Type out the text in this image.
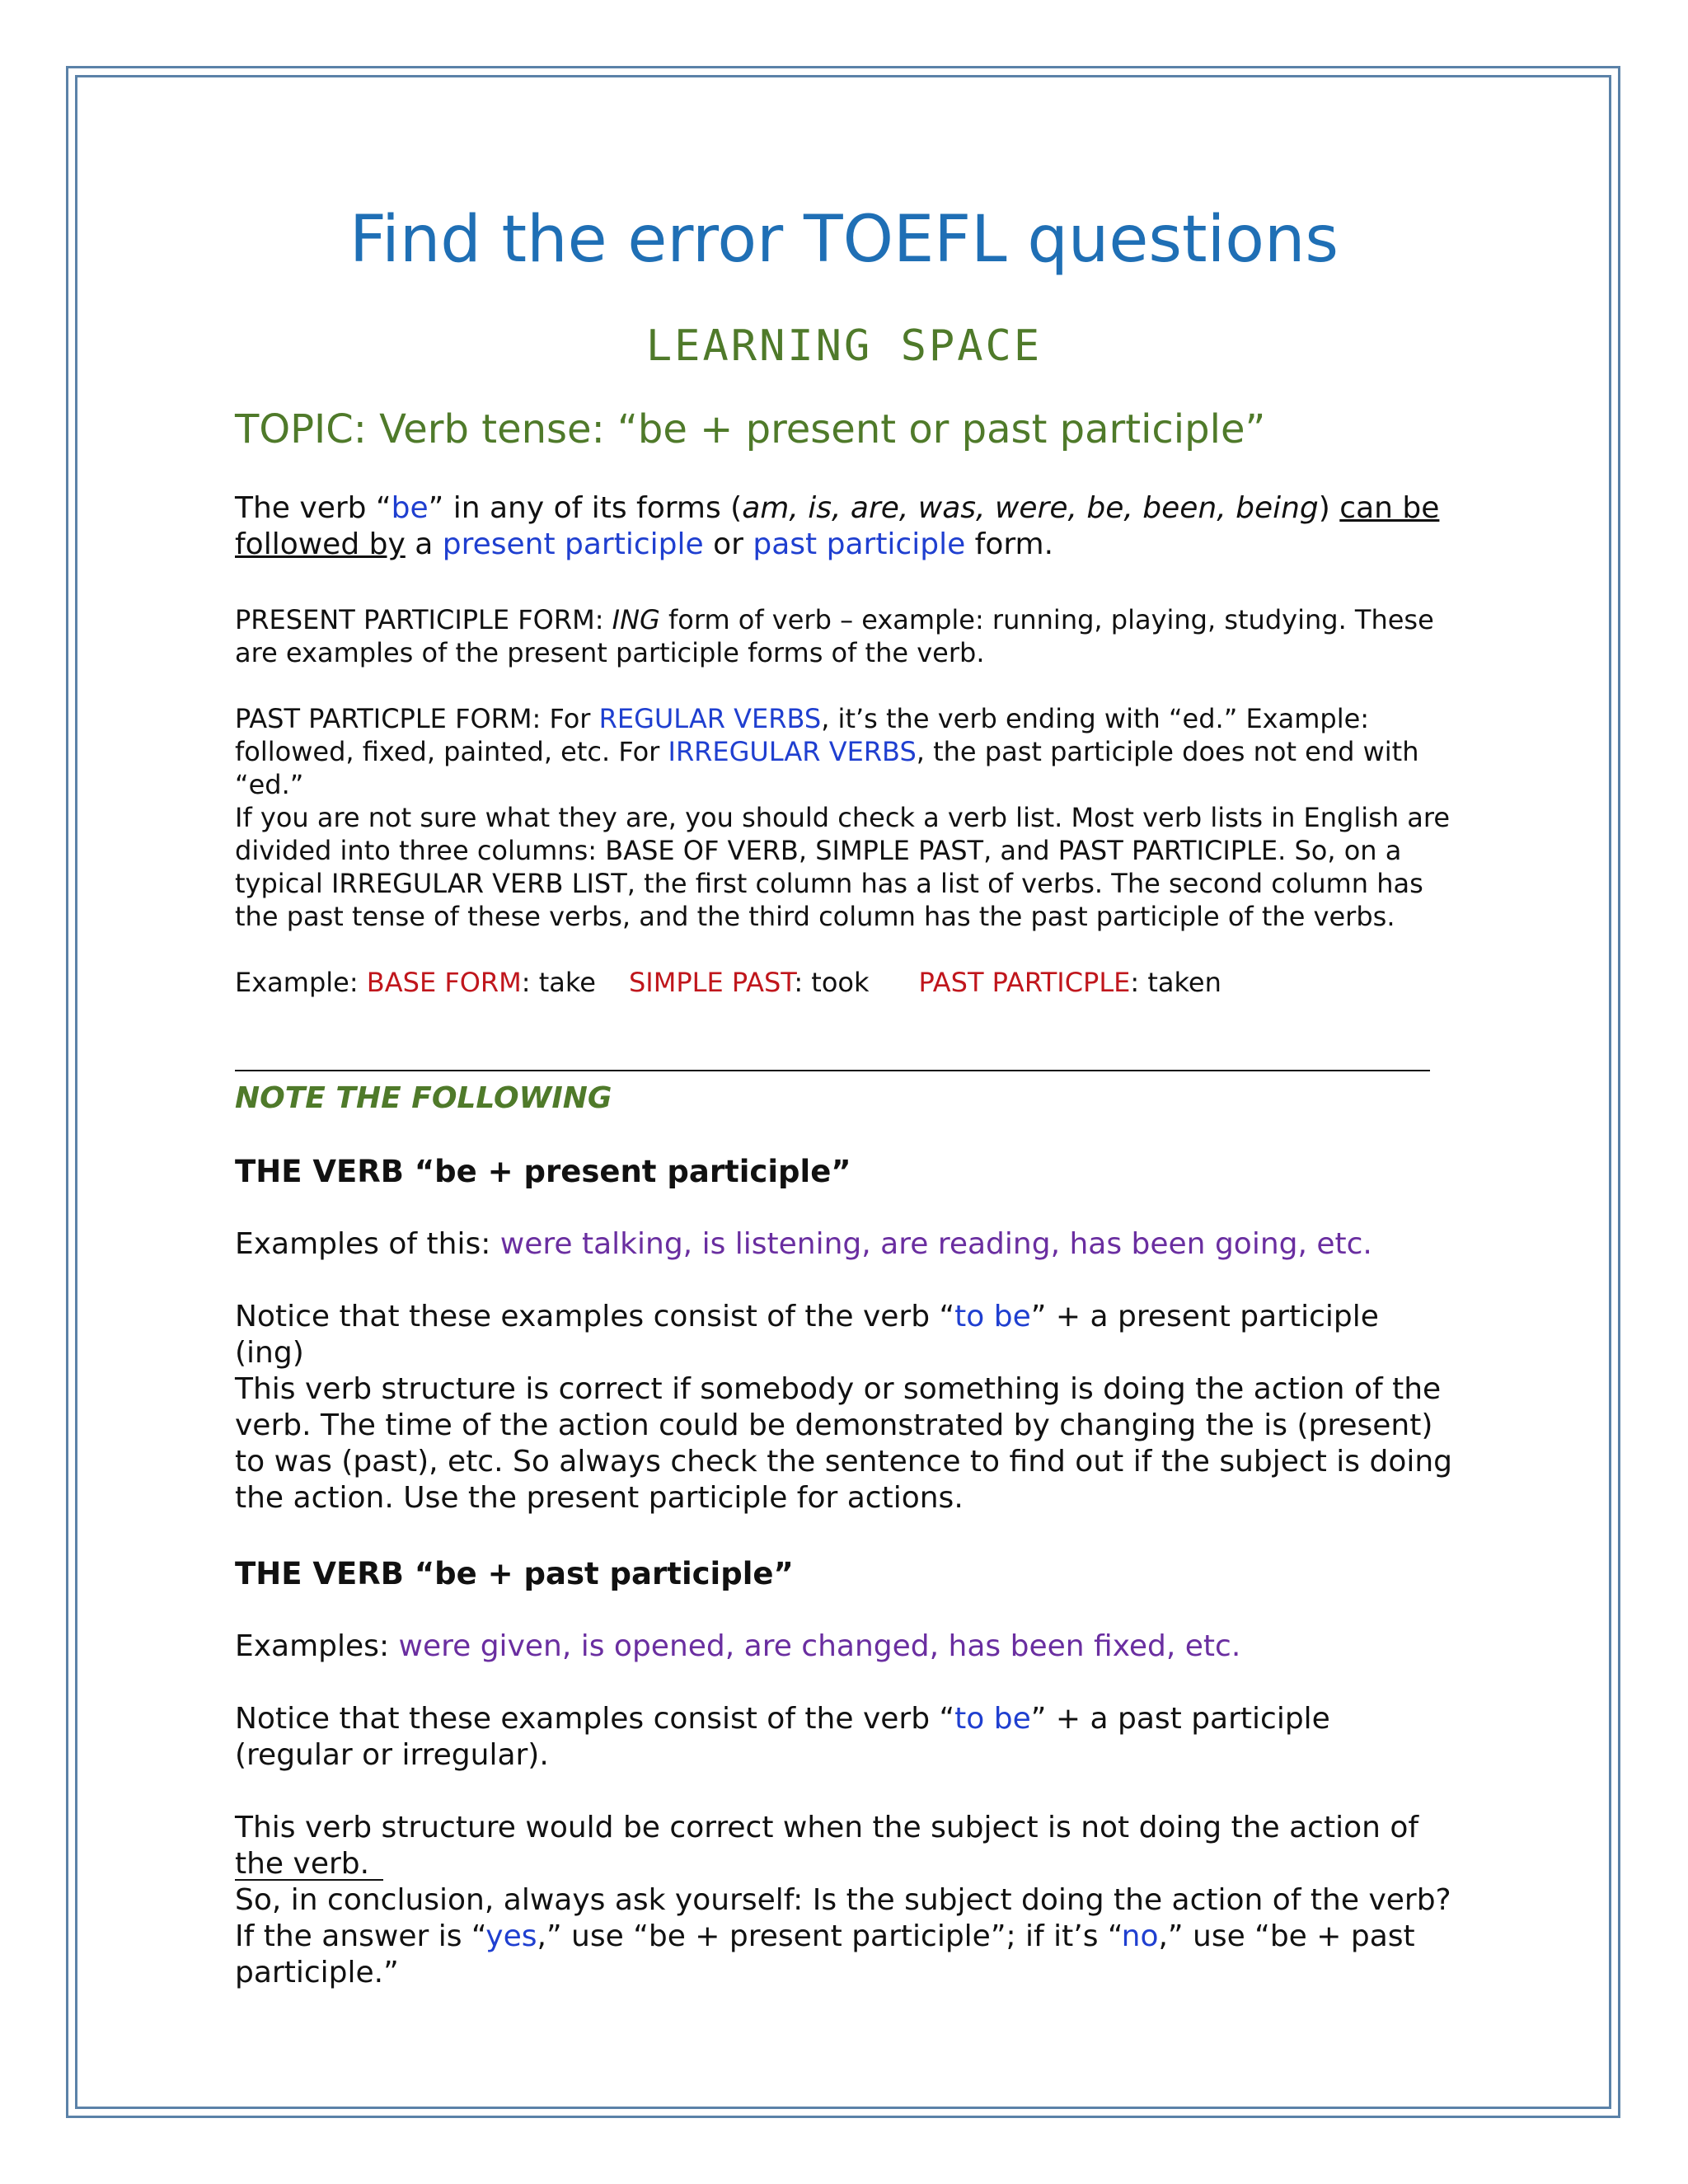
Find the error TOEFL questions
LEARNING SPACE
TOPIC: Verb tense: “be + present or past participle”
The verb “be” in any of its forms (am, is, are, was, were, be, been, being) can be followed by a present participle or past participle form.
PRESENT PARTICIPLE FORM: ING form of verb – example: running, playing, studying. These are examples of the present participle forms of the verb.
PAST PARTICPLE FORM: For REGULAR VERBS, it’s the verb ending with “ed.” Example: followed, fixed, painted, etc. For IRREGULAR VERBS, the past participle does not end with “ed.”
If you are not sure what they are, you should check a verb list. Most verb lists in English are divided into three columns: BASE OF VERB, SIMPLE PAST, and PAST PARTICIPLE. So, on a typical IRREGULAR VERB LIST, the first column has a list of verbs. The second column has the past tense of these verbs, and the third column has the past participle of the verbs.
Example: BASE FORM: take SIMPLE PAST: took PAST PARTICPLE: taken
NOTE THE FOLLOWING
THE VERB “be + present participle”
Examples of this: were talking, is listening, are reading, has been going, etc.
Notice that these examples consist of the verb “to be” + a present participle (ing)
This verb structure is correct if somebody or something is doing the action of the verb. The time of the action could be demonstrated by changing the is (present) to was (past), etc. So always check the sentence to find out if the subject is doing the action. Use the present participle for actions.
THE VERB “be + past participle”
Examples: were given, is opened, are changed, has been fixed, etc.
Notice that these examples consist of the verb “to be” + a past participle (regular or irregular).
This verb structure would be correct when the subject is not doing the action of the verb.
So, in conclusion, always ask yourself: Is the subject doing the action of the verb? If the answer is “yes,” use “be + present participle”; if it’s “no,” use “be + past participle.”
